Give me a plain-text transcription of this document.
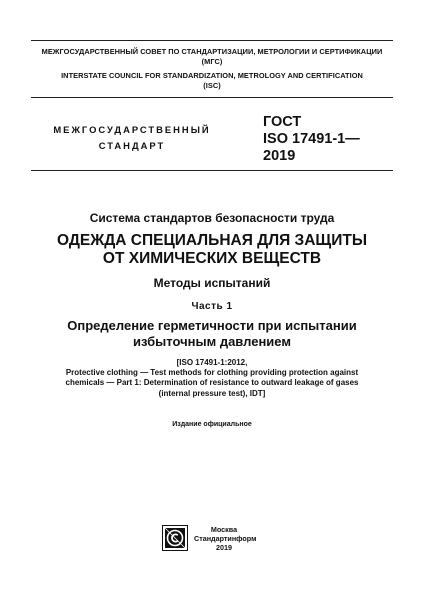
МЕЖГОСУДАРСТВЕННЫЙ СОВЕТ ПО СТАНДАРТИЗАЦИИ, МЕТРОЛОГИИ И СЕРТИФИКАЦИИ
(МГС)
INTERSTATE COUNCIL FOR STANDARDIZATION, METROLOGY AND CERTIFICATION
(ISC)
МЕЖГОСУДАРСТВЕННЫЙ
СТАНДАРТ
ГОСТ
ISO 17491-1—
2019
Система стандартов безопасности труда
ОДЕЖДА СПЕЦИАЛЬНАЯ ДЛЯ ЗАЩИТЫ
ОТ ХИМИЧЕСКИХ ВЕЩЕСТВ
Методы испытаний
Часть 1
Определение герметичности при испытании
избыточным давлением
[ISO 17491-1:2012,
Protective clothing — Test methods for clothing providing protection against
chemicals — Part 1: Determination of resistance to outward leakage of gases
(internal pressure test), IDT]
Издание официальное
Москва
Стандартинформ
2019
